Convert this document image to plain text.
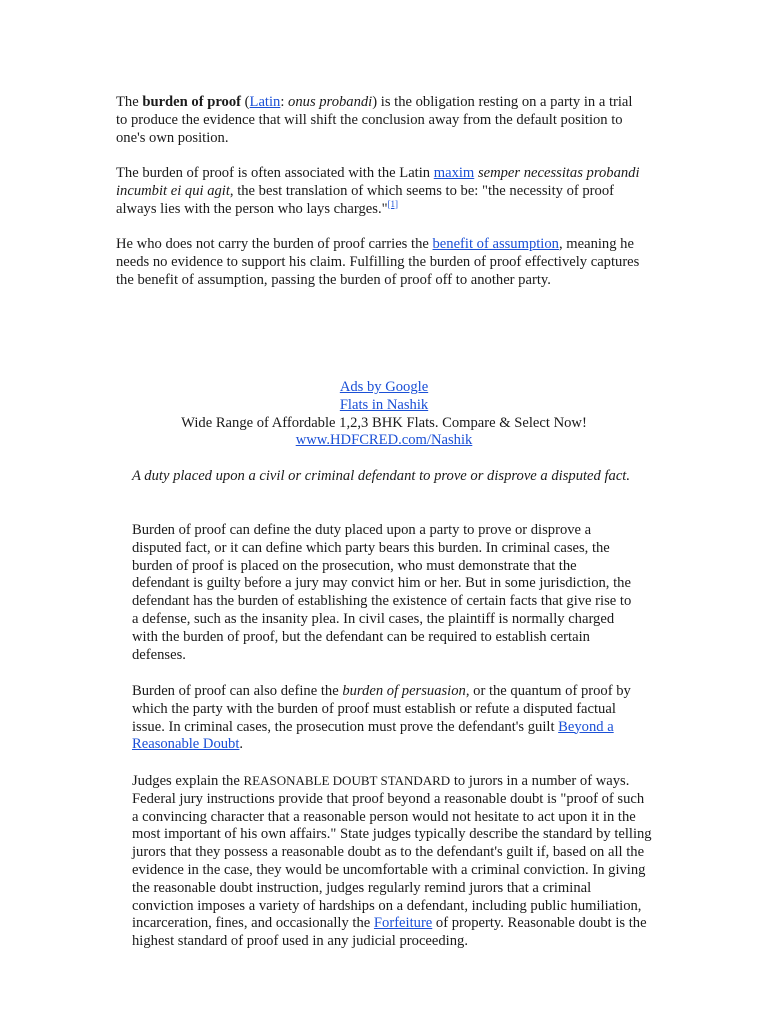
The burden of proof (Latin: onus probandi) is the obligation resting on a party in a trial to produce the evidence that will shift the conclusion away from the default position to one's own position.

The burden of proof is often associated with the Latin maxim semper necessitas probandi incumbit ei qui agit, the best translation of which seems to be: "the necessity of proof always lies with the person who lays charges."[1]

He who does not carry the burden of proof carries the benefit of assumption, meaning he needs no evidence to support his claim. Fulfilling the burden of proof effectively captures the benefit of assumption, passing the burden of proof off to another party.

Ads by Google
Flats in Nashik
Wide Range of Affordable 1,2,3 BHK Flats. Compare & Select Now!
www.HDFCRED.com/Nashik

A duty placed upon a civil or criminal defendant to prove or disprove a disputed fact.

Burden of proof can define the duty placed upon a party to prove or disprove a disputed fact, or it can define which party bears this burden. In criminal cases, the burden of proof is placed on the prosecution, who must demonstrate that the defendant is guilty before a jury may convict him or her. But in some jurisdiction, the defendant has the burden of establishing the existence of certain facts that give rise to a defense, such as the insanity plea. In civil cases, the plaintiff is normally charged with the burden of proof, but the defendant can be required to establish certain defenses.

Burden of proof can also define the burden of persuasion, or the quantum of proof by which the party with the burden of proof must establish or refute a disputed factual issue. In criminal cases, the prosecution must prove the defendant's guilt Beyond a Reasonable Doubt.

Judges explain the REASONABLE DOUBT STANDARD to jurors in a number of ways. Federal jury instructions provide that proof beyond a reasonable doubt is "proof of such a convincing character that a reasonable person would not hesitate to act upon it in the most important of his own affairs." State judges typically describe the standard by telling jurors that they possess a reasonable doubt as to the defendant's guilt if, based on all the evidence in the case, they would be uncomfortable with a criminal conviction. In giving the reasonable doubt instruction, judges regularly remind jurors that a criminal conviction imposes a variety of hardships on a defendant, including public humiliation, incarceration, fines, and occasionally the Forfeiture of property. Reasonable doubt is the highest standard of proof used in any judicial proceeding.
